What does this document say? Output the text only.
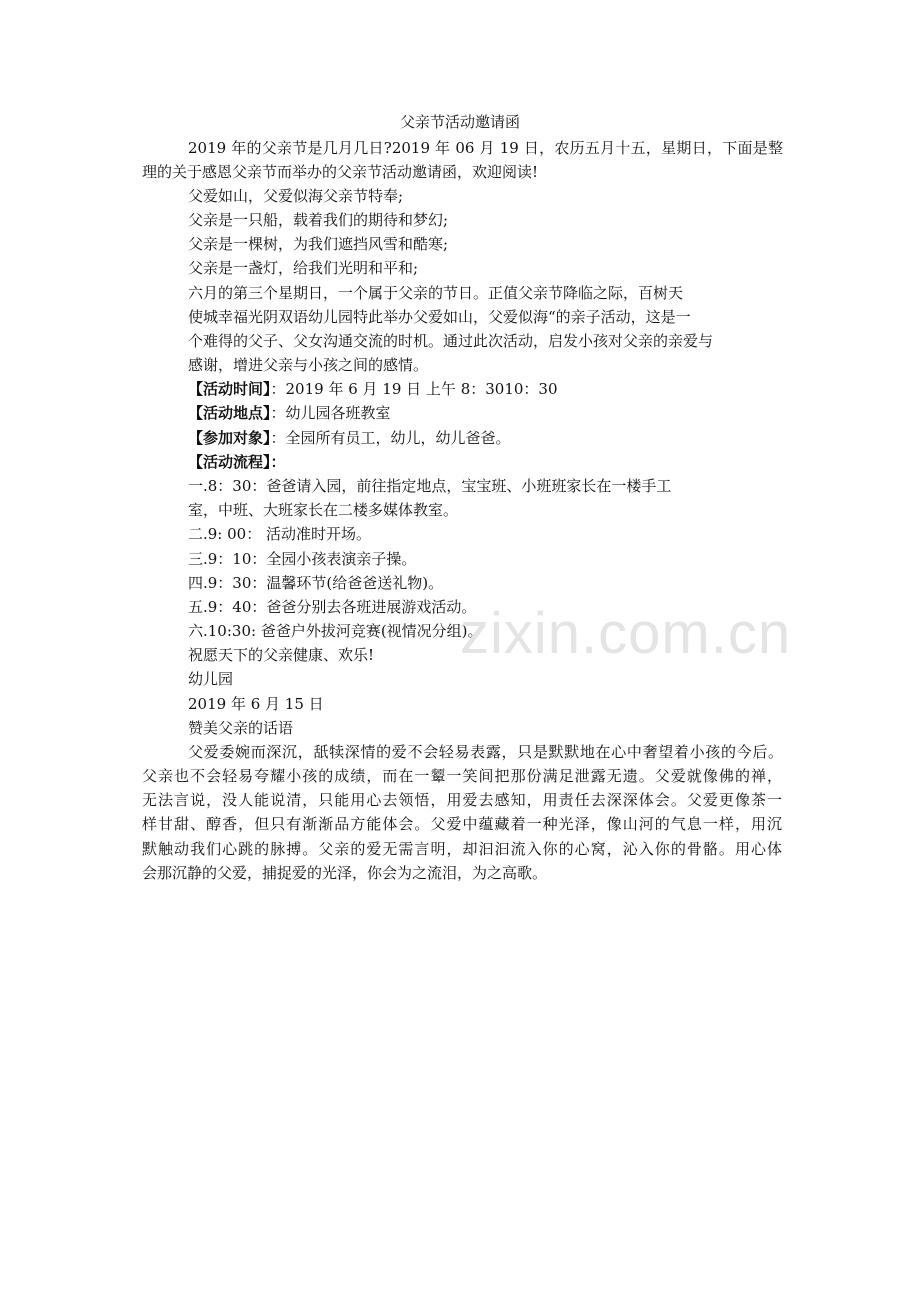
父亲节活动邀请函
2019 年的父亲节是几月几日?2019 年 06 月 19 日，农历五月十五，星期日，下面是整
理的关于感恩父亲节而举办的父亲节活动邀请函，欢迎阅读!
父爱如山，父爱似海父亲节特奉;
父亲是一只船，载着我们的期待和梦幻;
父亲是一棵树，为我们遮挡风雪和酷寒;
父亲是一盏灯，给我们光明和平和;
六月的第三个星期日，一个属于父亲的节日。正值父亲节降临之际，百树天
使城幸福光阴双语幼儿园特此举办父爱如山，父爱似海“的亲子活动，这是一
个难得的父子、父女沟通交流的时机。通过此次活动，启发小孩对父亲的亲爱与
感谢，增进父亲与小孩之间的感情。
【活动时间】：2019 年 6 月 19 日 上午 8：3010：30
【活动地点】：幼儿园各班教室
【参加对象】：全园所有员工，幼儿，幼儿爸爸。
【活动流程】：
一.8：30：爸爸请入园，前往指定地点，宝宝班、小班班家长在一楼手工
室，中班、大班家长在二楼多媒体教室。
二.9: 00： 活动准时开场。
三.9：10：全园小孩表演亲子操。
四.9：30：温馨环节(给爸爸送礼物)。
五.9：40：爸爸分别去各班进展游戏活动。
六.10:30: 爸爸户外拔河竞赛(视情况分组)。
祝愿天下的父亲健康、欢乐!
幼儿园
2019 年 6 月 15 日
赞美父亲的话语
父爱委婉而深沉，舐犊深情的爱不会轻易表露，只是默默地在心中奢望着小孩的今后。
父亲也不会轻易夸耀小孩的成绩，而在一颦一笑间把那份满足泄露无遗。父爱就像佛的禅，
无法言说，没人能说清，只能用心去领悟，用爱去感知，用责任去深深体会。父爱更像茶一
样甘甜、醇香，但只有渐渐品方能体会。父爱中蕴藏着一种光泽，像山河的气息一样，用沉
默触动我们心跳的脉搏。父亲的爱无需言明，却汩汩流入你的心窝，沁入你的骨骼。用心体
会那沉静的父爱，捕捉爱的光泽，你会为之流泪，为之高歌。
zixin.com.cn
